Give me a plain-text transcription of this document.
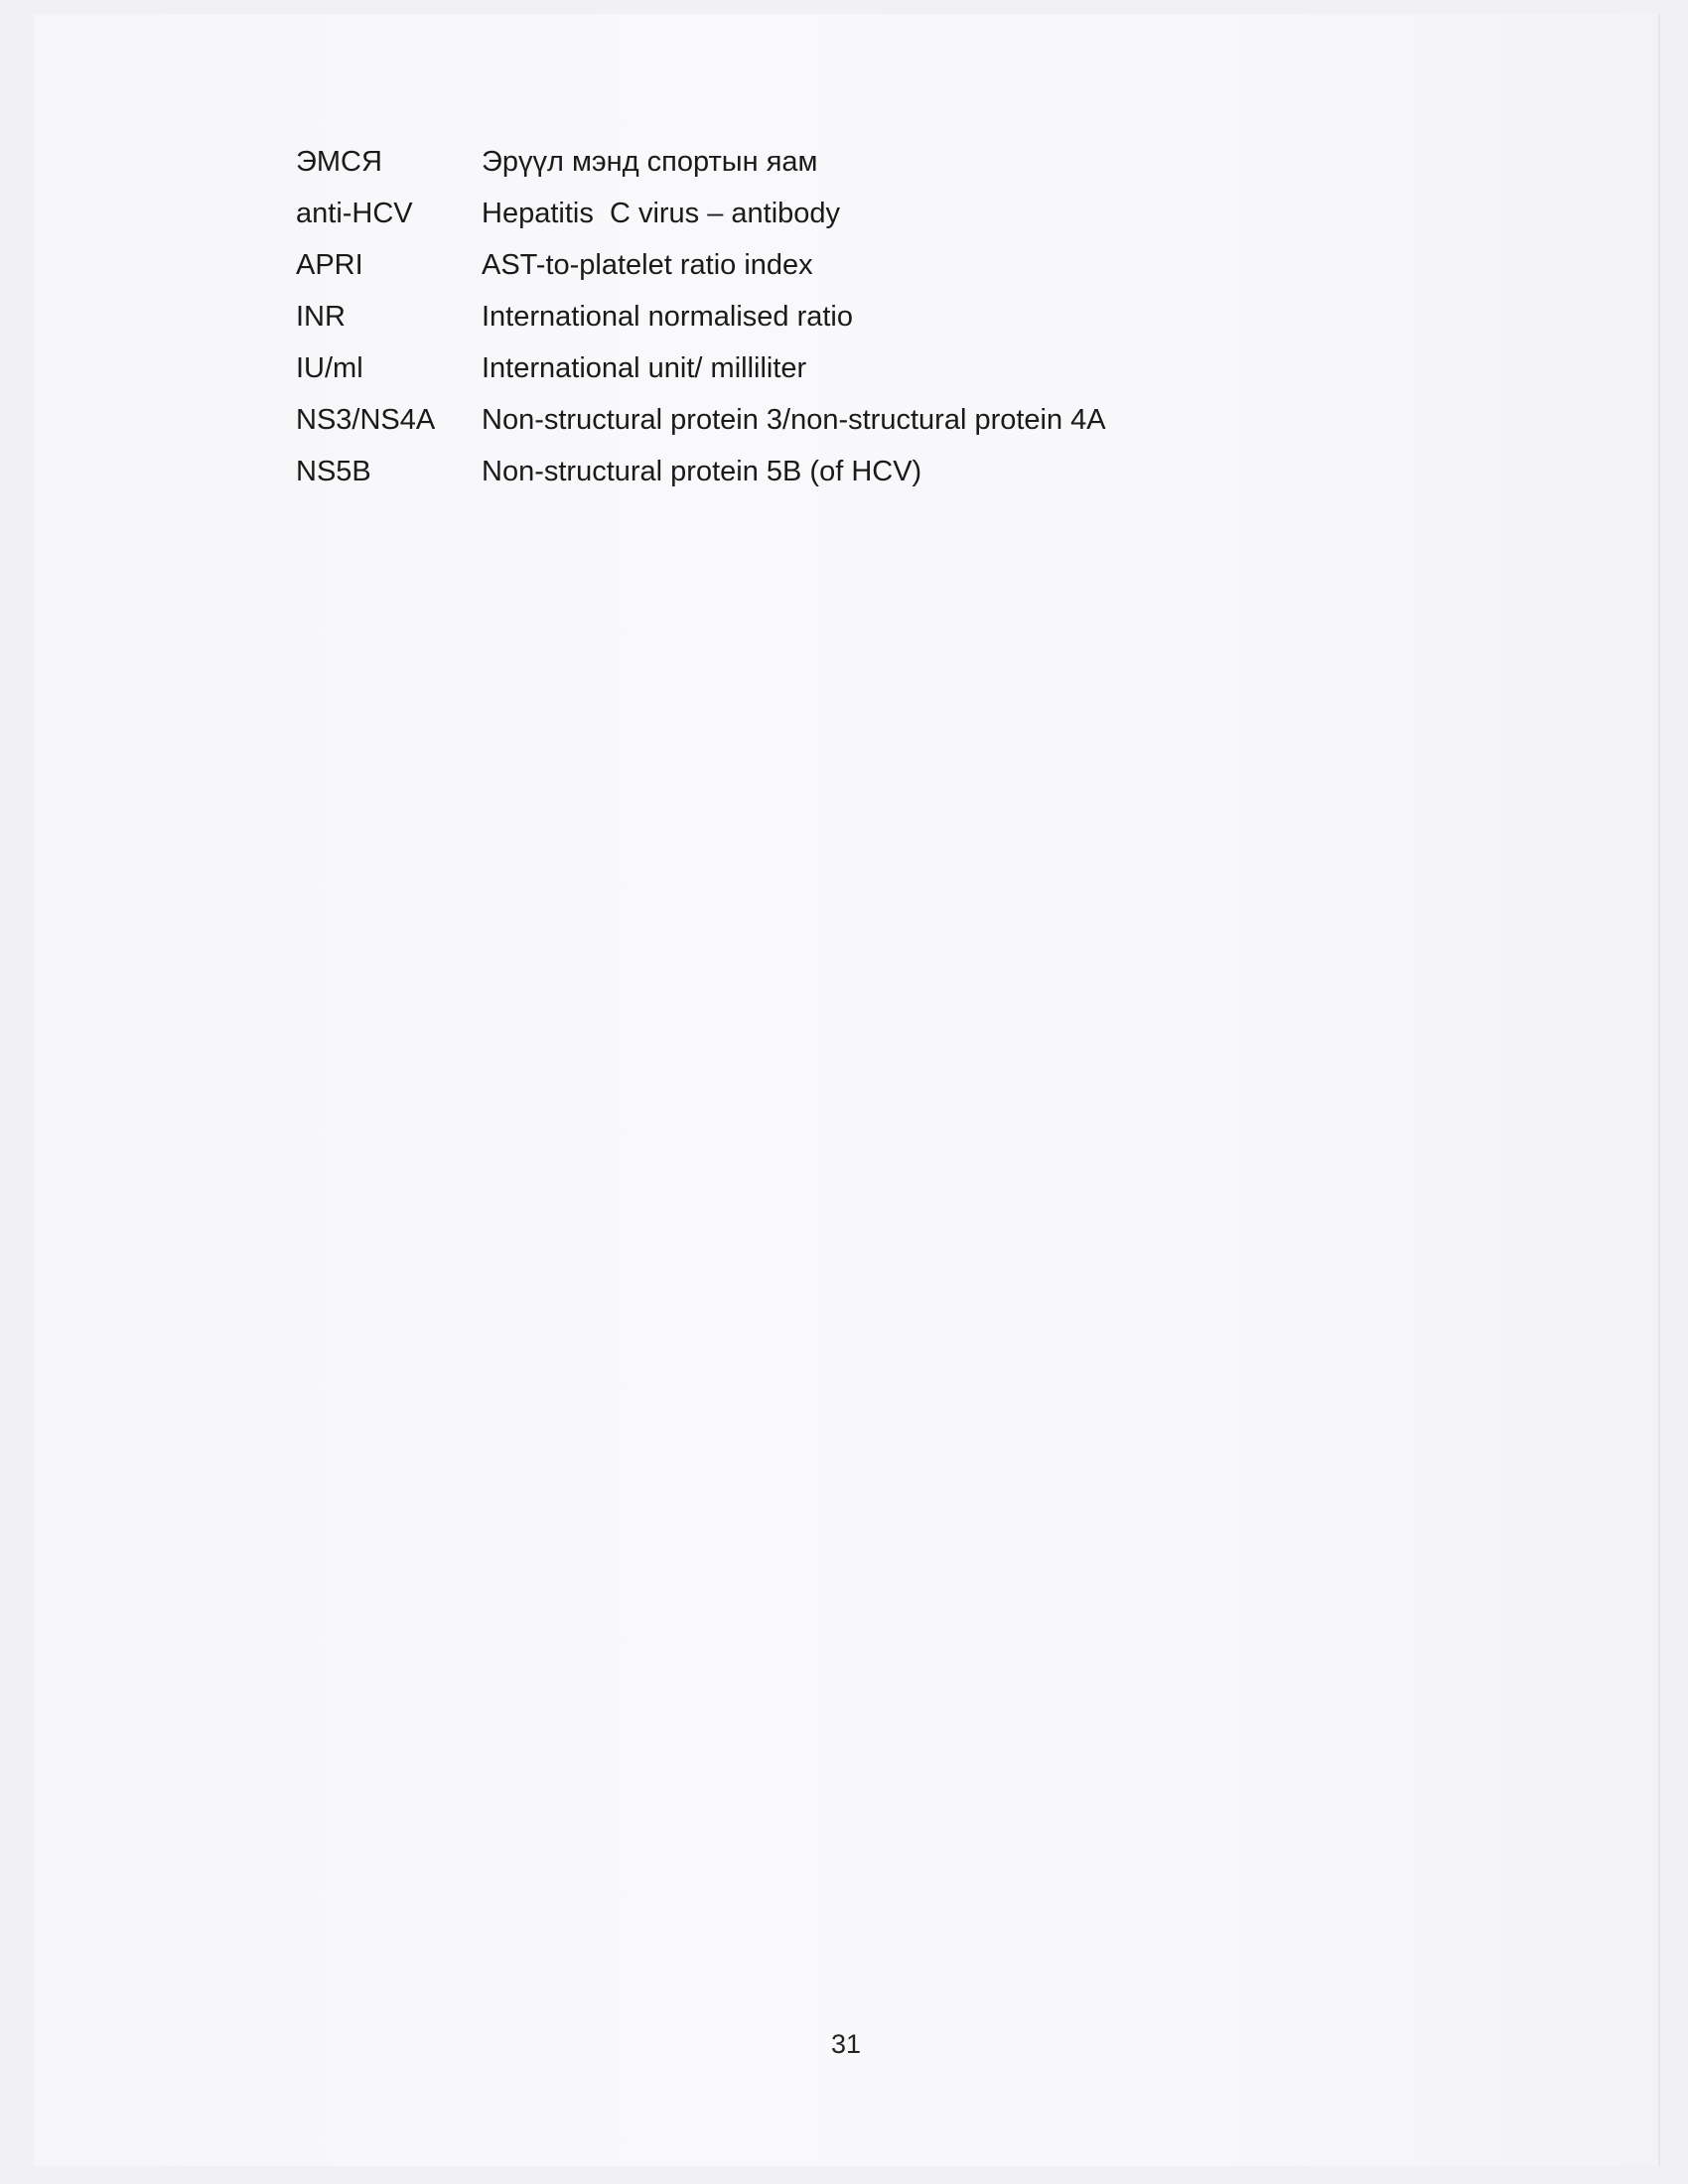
ЭМСЯ	Эрүүл мэнд спортын яам
anti-HCV Hepatitis  C virus – antibody
APRI	AST-to-platelet ratio index
INR	International normalised ratio
IU/ml	International unit/ milliliter
NS3/NS4A Non-structural protein 3/non-structural protein 4A
NS5B	Non-structural protein 5B (of HCV)
31
